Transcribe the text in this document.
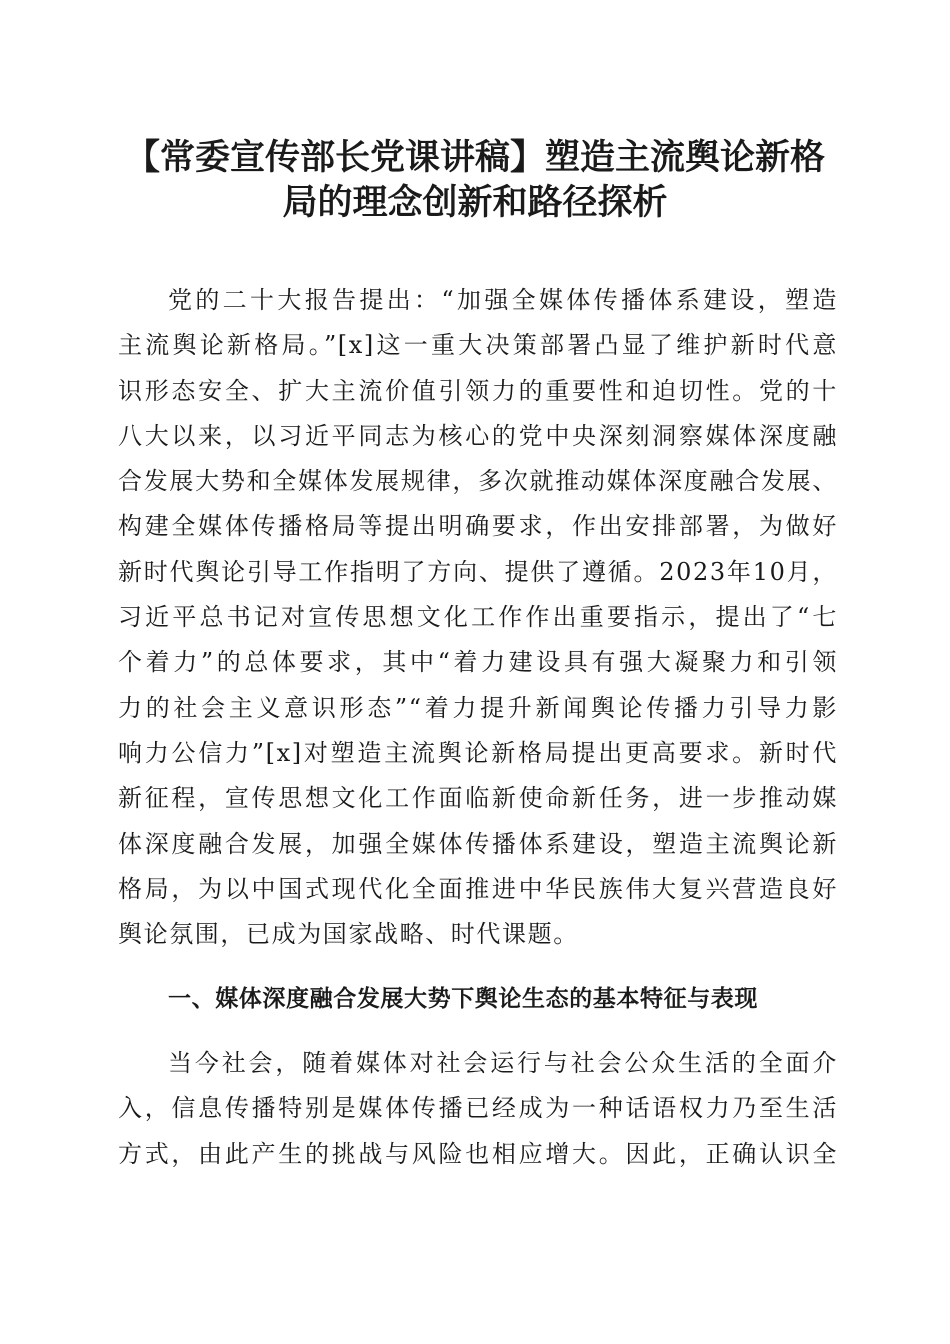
【常委宣传部长党课讲稿】塑造主流舆论新格
局的理念创新和路径探析
党的二十大报告提出：“加强全媒体传播体系建设，塑造
主流舆论新格局。”[x]这一重大决策部署凸显了维护新时代意
识形态安全、扩大主流价值引领力的重要性和迫切性。党的十
八大以来，以习近平同志为核心的党中央深刻洞察媒体深度融
合发展大势和全媒体发展规律，多次就推动媒体深度融合发展、
构建全媒体传播格局等提出明确要求，作出安排部署，为做好
新时代舆论引导工作指明了方向、提供了遵循。2023年10月，
习近平总书记对宣传思想文化工作作出重要指示，提出了“七
个着力”的总体要求，其中“着力建设具有强大凝聚力和引领
力的社会主义意识形态”“着力提升新闻舆论传播力引导力影
响力公信力”[x]对塑造主流舆论新格局提出更高要求。新时代
新征程，宣传思想文化工作面临新使命新任务，进一步推动媒
体深度融合发展，加强全媒体传播体系建设，塑造主流舆论新
格局，为以中国式现代化全面推进中华民族伟大复兴营造良好
舆论氛围，已成为国家战略、时代课题。
一、媒体深度融合发展大势下舆论生态的基本特征与表现
当今社会，随着媒体对社会运行与社会公众生活的全面介
入，信息传播特别是媒体传播已经成为一种话语权力乃至生活
方式，由此产生的挑战与风险也相应增大。因此，正确认识全
